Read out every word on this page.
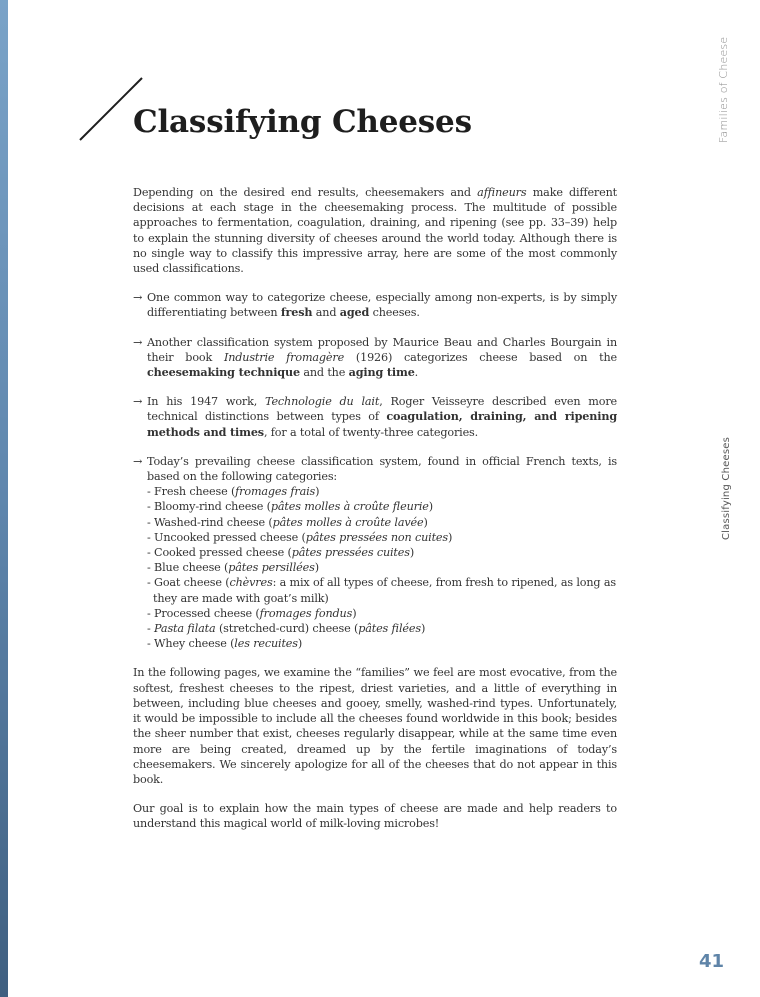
Classifying Cheeses	Families of Cheese
Classifying Cheeses

Depending on the desired end results, cheesemakers and affineurs make different decisions at each stage in the cheesemaking process. The multitude of possible approaches to fermentation, coagulation, draining, and ripening (see pp. 33–39) help to explain the stunning diversity of cheeses around the world today. Although there is no single way to classify this impressive array, here are some of the most commonly used classifications.

→ One common way to categorize cheese, especially among non-experts, is by simply differentiating between fresh and aged cheeses.
→ Another classification system proposed by Maurice Beau and Charles Bourgain in their book Industrie fromagère (1926) categorizes cheese based on the cheesemaking technique and the aging time.
→ In his 1947 work, Technologie du lait, Roger Veisseyre described even more technical distinctions between types of coagulation, draining, and ripening methods and times, for a total of twenty-three categories.
→ Today’s prevailing cheese classification system, found in official French texts, is based on the following categories:
- Fresh cheese (fromages frais)
- Bloomy-rind cheese (pâtes molles à croûte fleurie)
- Washed-rind cheese (pâtes molles à croûte lavée)
- Uncooked pressed cheese (pâtes pressées non cuites)
- Cooked pressed cheese (pâtes pressées cuites)
- Blue cheese (pâtes persillées)
- Goat cheese (chèvres: a mix of all types of cheese, from fresh to ripened, as long as they are made with goat’s milk)
- Processed cheese (fromages fondus)
- Pasta filata (stretched-curd) cheese (pâtes filées)
- Whey cheese (les recuites)

In the following pages, we examine the “families” we feel are most evocative, from the softest, freshest cheeses to the ripest, driest varieties, and a little of everything in between, including blue cheeses and gooey, smelly, washed-rind types. Unfortunately, it would be impossible to include all the cheeses found worldwide in this book; besides the sheer number that exist, cheeses regularly disappear, while at the same time even more are being created, dreamed up by the fertile imaginations of today’s cheesemakers. We sincerely apologize for all of the cheeses that do not appear in this book.

Our goal is to explain how the main types of cheese are made and help readers to understand this magical world of milk-loving microbes!

41
